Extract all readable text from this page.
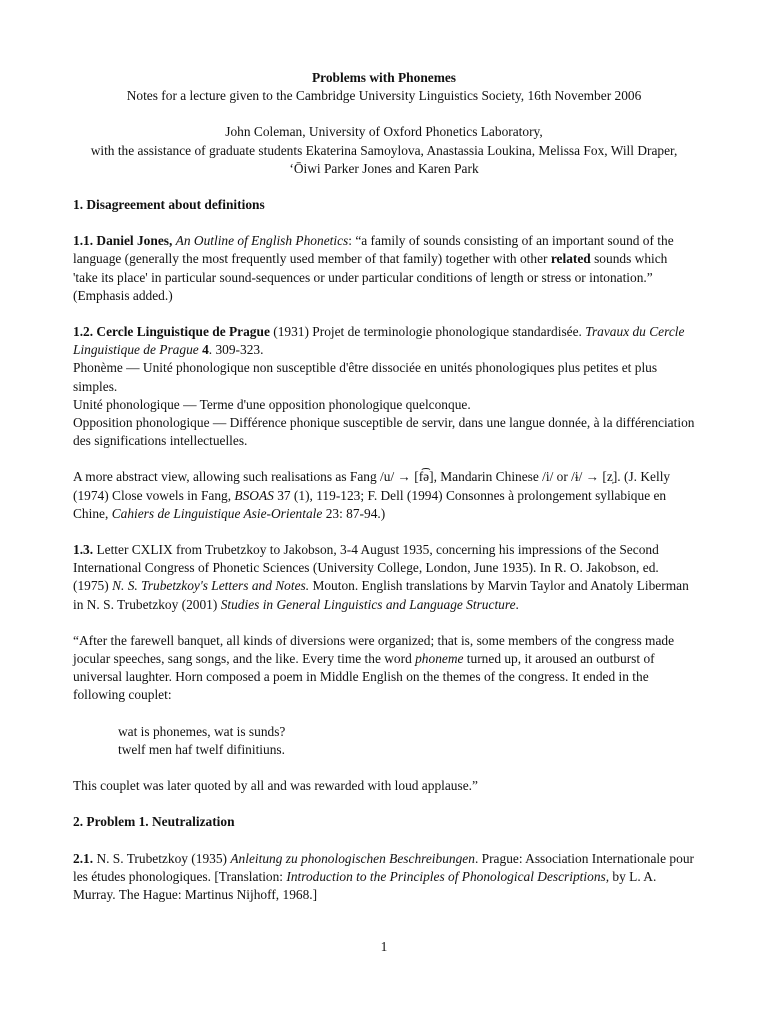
Problems with Phonemes

Notes for a lecture given to the Cambridge University Linguistics Society, 16th November 2006

John Coleman, University of Oxford Phonetics Laboratory,

with the assistance of graduate students Ekaterina Samoylova, Anastassia Loukina, Melissa Fox, Will Draper,

‘Ōiwi Parker Jones and Karen Park

1. Disagreement about definitions

1.1. Daniel Jones, An Outline of English Phonetics: “a family of sounds consisting of an important sound of the language (generally the most frequently used member of that family) together with other related sounds which 'take its place' in particular sound-sequences or under particular conditions of length or stress or intonation.” (Emphasis added.)

1.2. Cercle Linguistique de Prague (1931) Projet de terminologie phonologique standardisée. Travaux du Cercle Linguistique de Prague 4. 309-323.

Phonème — Unité phonologique non susceptible d'être dissociée en unités phonologiques plus petites et plus simples.

Unité phonologique — Terme d'une opposition phonologique quelconque.

Opposition phonologique — Différence phonique susceptible de servir, dans une langue donnée, à la différenciation des significations intellectuelles.

A more abstract view, allowing such realisations as Fang /u/ → [f͡ə], Mandarin Chinese /i/ or /ɨ/ → [z̩]. (J. Kelly (1974) Close vowels in Fang, BSOAS 37 (1), 119-123; F. Dell (1994) Consonnes à prolongement syllabique en Chine, Cahiers de Linguistique Asie-Orientale 23: 87-94.)

1.3. Letter CXLIX from Trubetzkoy to Jakobson, 3-4 August 1935, concerning his impressions of the Second International Congress of Phonetic Sciences (University College, London, June 1935). In R. O. Jakobson, ed. (1975) N. S. Trubetzkoy's Letters and Notes. Mouton. English translations by Marvin Taylor and Anatoly Liberman in N. S. Trubetzkoy (2001) Studies in General Linguistics and Language Structure.

“After the farewell banquet, all kinds of diversions were organized; that is, some members of the congress made jocular speeches, sang songs, and the like. Every time the word phoneme turned up, it aroused an outburst of universal laughter. Horn composed a poem in Middle English on the themes of the congress. It ended in the following couplet:

wat is phonemes, wat is sunds?

twelf men haf twelf difinitiuns.

This couplet was later quoted by all and was rewarded with loud applause.”

2. Problem 1. Neutralization

2.1. N. S. Trubetzkoy (1935) Anleitung zu phonologischen Beschreibungen. Prague: Association Internationale pour les études phonologiques. [Translation: Introduction to the Principles of Phonological Descriptions, by L. A. Murray. The Hague: Martinus Nijhoff, 1968.]

1
